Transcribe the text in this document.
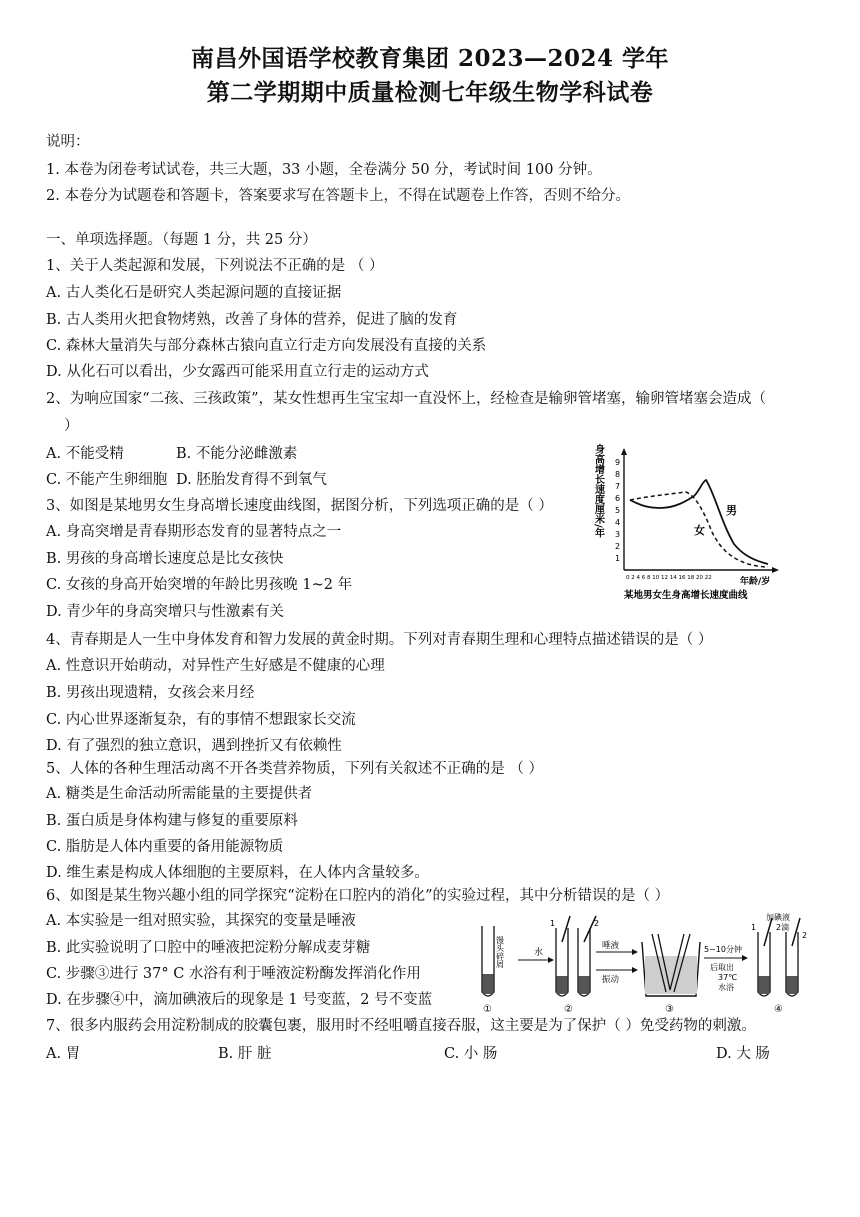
南昌外国语学校教育集团 2023—2024 学年
第二学期期中质量检测七年级生物学科试卷
说明：
1. 本卷为闭卷考试试卷，共三大题，33 小题，全卷满分 50 分，考试时间 100 分钟。
2. 本卷分为试题卷和答题卡，答案要求写在答题卡上，不得在试题卷上作答，否则不给分。
一、单项选择题。（每题 1 分，共 25 分）
1、关于人类起源和发展，下列说法不正确的是 （ ）
A. 古人类化石是研究人类起源问题的直接证据
B. 古人类用火把食物烤熟，改善了身体的营养，促进了脑的发育
C. 森林大量消失与部分森林古猿向直立行走方向发展没有直接的关系
D. 从化石可以看出，少女露西可能采用直立行走的运动方式
2、为响应国家“二孩、三孩政策”，某女性想再生宝宝却一直没怀上，经检查是输卵管堵塞，输卵管堵塞会造成（
）
A. 不能受精	B. 不能分泌雌激素
C. 不能产生卵细胞 D. 胚胎发育得不到氧气
3、如图是某地男女生身高增长速度曲线图，据图分析，下列选项正确的是（ ）
A. 身高突增是青春期形态发育的显著特点之一
B. 男孩的身高增长速度总是比女孩快
C. 女孩的身高开始突增的年龄比男孩晚 1~2 年
D. 青少年的身高突增只与性激素有关
身高增长速度厘米/年
1
2
3
4
5
6
7
8
9
0 2 4 6 8 10 12 14 16 18 20 22
男
女
年龄/岁
某地男女生身高增长速度曲线
4、青春期是人一生中身体发育和智力发展的黄金时期。下列对青春期生理和心理特点描述错误的是（ ）
A. 性意识开始萌动，对异性产生好感是不健康的心理
B. 男孩出现遗精，女孩会来月经
C. 内心世界逐渐复杂，有的事情不想跟家长交流
D. 有了强烈的独立意识，遇到挫折又有依赖性
5、人体的各种生理活动离不开各类营养物质，下列有关叙述不正确的是 （ ）
A. 糖类是生命活动所需能量的主要提供者
B. 蛋白质是身体构建与修复的重要原料
C. 脂肪是人体内重要的备用能源物质
D. 维生素是构成人体细胞的主要原料，在人体内含量较多。
6、如图是某生物兴趣小组的同学探究“淀粉在口腔内的消化”的实验过程，其中分析错误的是（ ）
A. 本实验是一组对照实验，其探究的变量是唾液
B. 此实验说明了口腔中的唾液把淀粉分解成麦芽糖
C. 步骤③进行 37° C 水浴有利于唾液淀粉酶发挥消化作用
D. 在步骤④中，滴加碘液后的现象是 1 号变蓝，2 号不变蓝
馒头碎屑
①
水
1	2
②
唾液
振动
③
5~10分钟
后取出
37℃
水浴
加碘液
2滴
1
2
④
7、很多内服药会用淀粉制成的胶囊包裹，服用时不经咀嚼直接吞服，这主要是为了保护（ ）免受药物的刺激。
A. 胃	B. 肝 脏	C. 小 肠	D. 大 肠
